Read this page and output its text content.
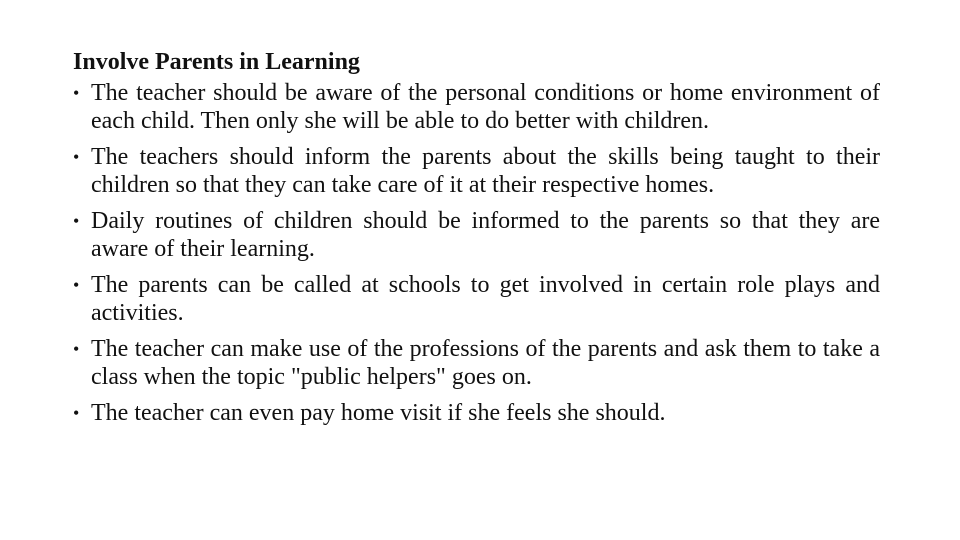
Involve Parents in Learning
• The teacher should be aware of the personal conditions or home environment of each child. Then only she will be able to do better with children.
• The teachers should inform the parents about the skills being taught to their children so that they can take care of it at their respective homes.
• Daily routines of children should be informed to the parents so that they are aware of their learning.
• The parents can be called at schools to get involved in certain role plays and activities.
• The teacher can make use of the professions of the parents and ask them to take a class when the topic "public helpers" goes on.
• The teacher can even pay home visit if she feels she should.
